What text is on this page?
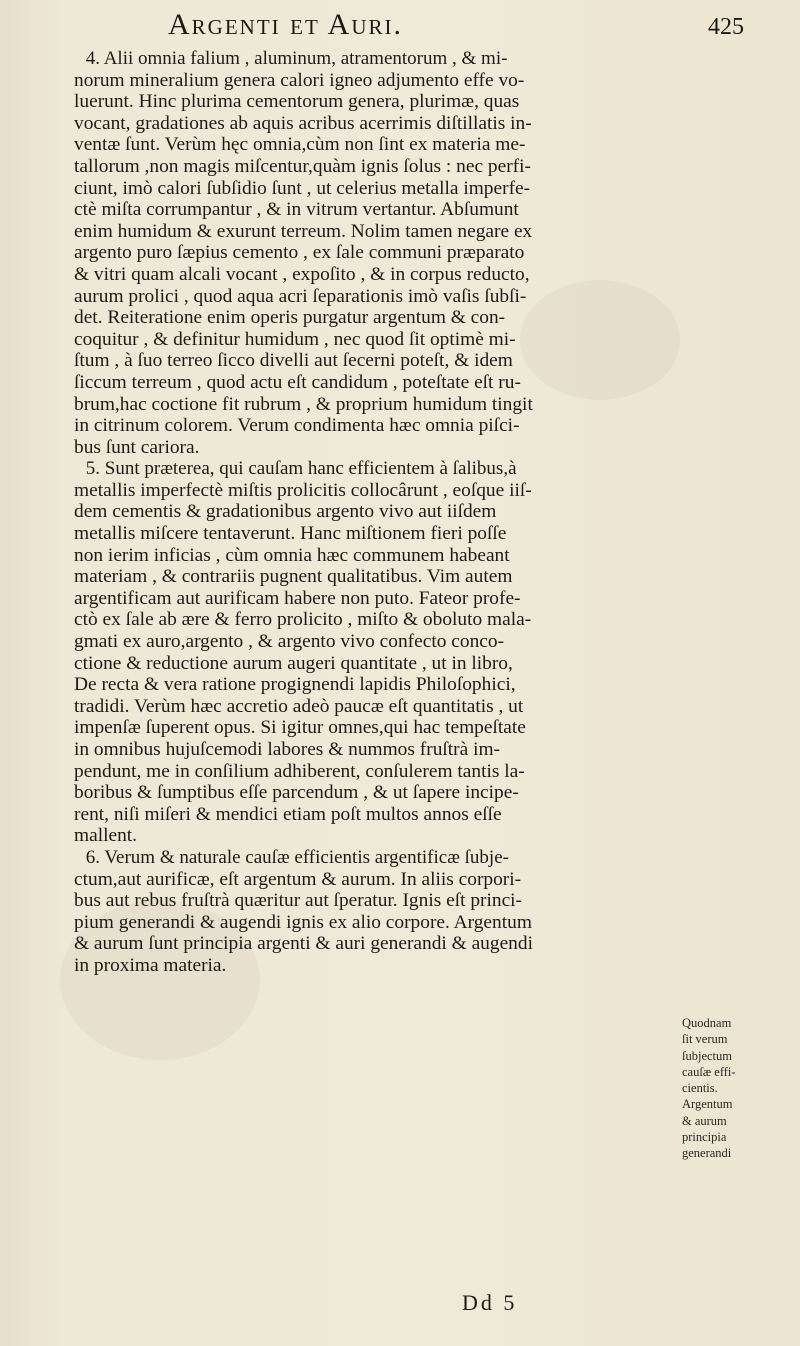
Argenti et Auri.	425
4. Alii omnia falium , aluminum, atramentorum , & mi-
norum mineralium genera calori igneo adjumento effe vo-
luerunt. Hinc plurima cementorum genera, plurimæ, quas
vocant, gradationes ab aquis acribus acerrimis diſtillatis in-
ventæ ſunt. Verùm hęc omnia,cùm non ſint ex materia me-
tallorum ,non magis miſcentur,quàm ignis ſolus : nec perfi-
ciunt, imò calori ſubſidio ſunt , ut celerius metalla imperfe-
ctè miſta corrumpantur , & in vitrum vertantur. Abſumunt
enim humidum & exurunt terreum. Nolim tamen negare ex
argento puro ſæpius cemento , ex ſale communi præparato
& vitri quam alcali vocant , expoſito , & in corpus reducto,
aurum prolici , quod aqua acri ſeparationis imò vaſis ſubſi-
det. Reiteratione enim operis purgatur argentum & con-
coquitur , & definitur humidum , nec quod ſit optimè mi-
ſtum , à ſuo terreo ſicco divelli aut ſecerni poteſt, & idem
ſiccum terreum , quod actu eſt candidum , poteſtate eſt ru-
brum,hac coctione fit rubrum , & proprium humidum tingit
in citrinum colorem. Verum condimenta hæc omnia piſci-
bus ſunt cariora.
5. Sunt præterea, qui cauſam hanc efficientem à ſalibus,à
metallis imperfectè miſtis prolicitis collocârunt , eoſque iiſ-
dem cementis & gradationibus argento vivo aut iiſdem
metallis miſcere tentaverunt. Hanc miſtionem fieri poſſe
non ierim inficias , cùm omnia hæc communem habeant
materiam , & contrariis pugnent qualitatibus. Vim autem
argentificam aut aurificam habere non puto. Fateor profe-
ctò ex ſale ab ære & ferro prolicito , miſto & oboluto mala-
gmati ex auro,argento , & argento vivo confecto conco-
ctione & reductione aurum augeri quantitate , ut in libro,
De recta & vera ratione progignendi lapidis Philoſophici,
tradidi. Verùm hæc accretio adeò paucæ eſt quantitatis , ut
impenſæ ſuperent opus. Si igitur omnes,qui hac tempeſtate
in omnibus hujuſcemodi labores & nummos fruſtrà im-
pendunt, me in conſilium adhiberent, conſulerem tantis la-
boribus & ſumptibus eſſe parcendum , & ut ſapere incipe-
rent, niſi miſeri & mendici etiam poſt multos annos eſſe
mallent.
6. Verum & naturale cauſæ efficientis argentificæ ſubje-
ctum,aut aurificæ, eſt argentum & aurum. In aliis corpori-
bus aut rebus fruſtrà quæritur aut ſperatur. Ignis eſt princi-
pium generandi & augendi ignis ex alio corpore. Argentum
& aurum ſunt principia argenti & auri generandi & augendi
in proxima materia.
Quodnam
ſit verum
ſubjectum
cauſæ effi-
cientis.
Argentum
& aurum
principia
generandi
Dd 5
